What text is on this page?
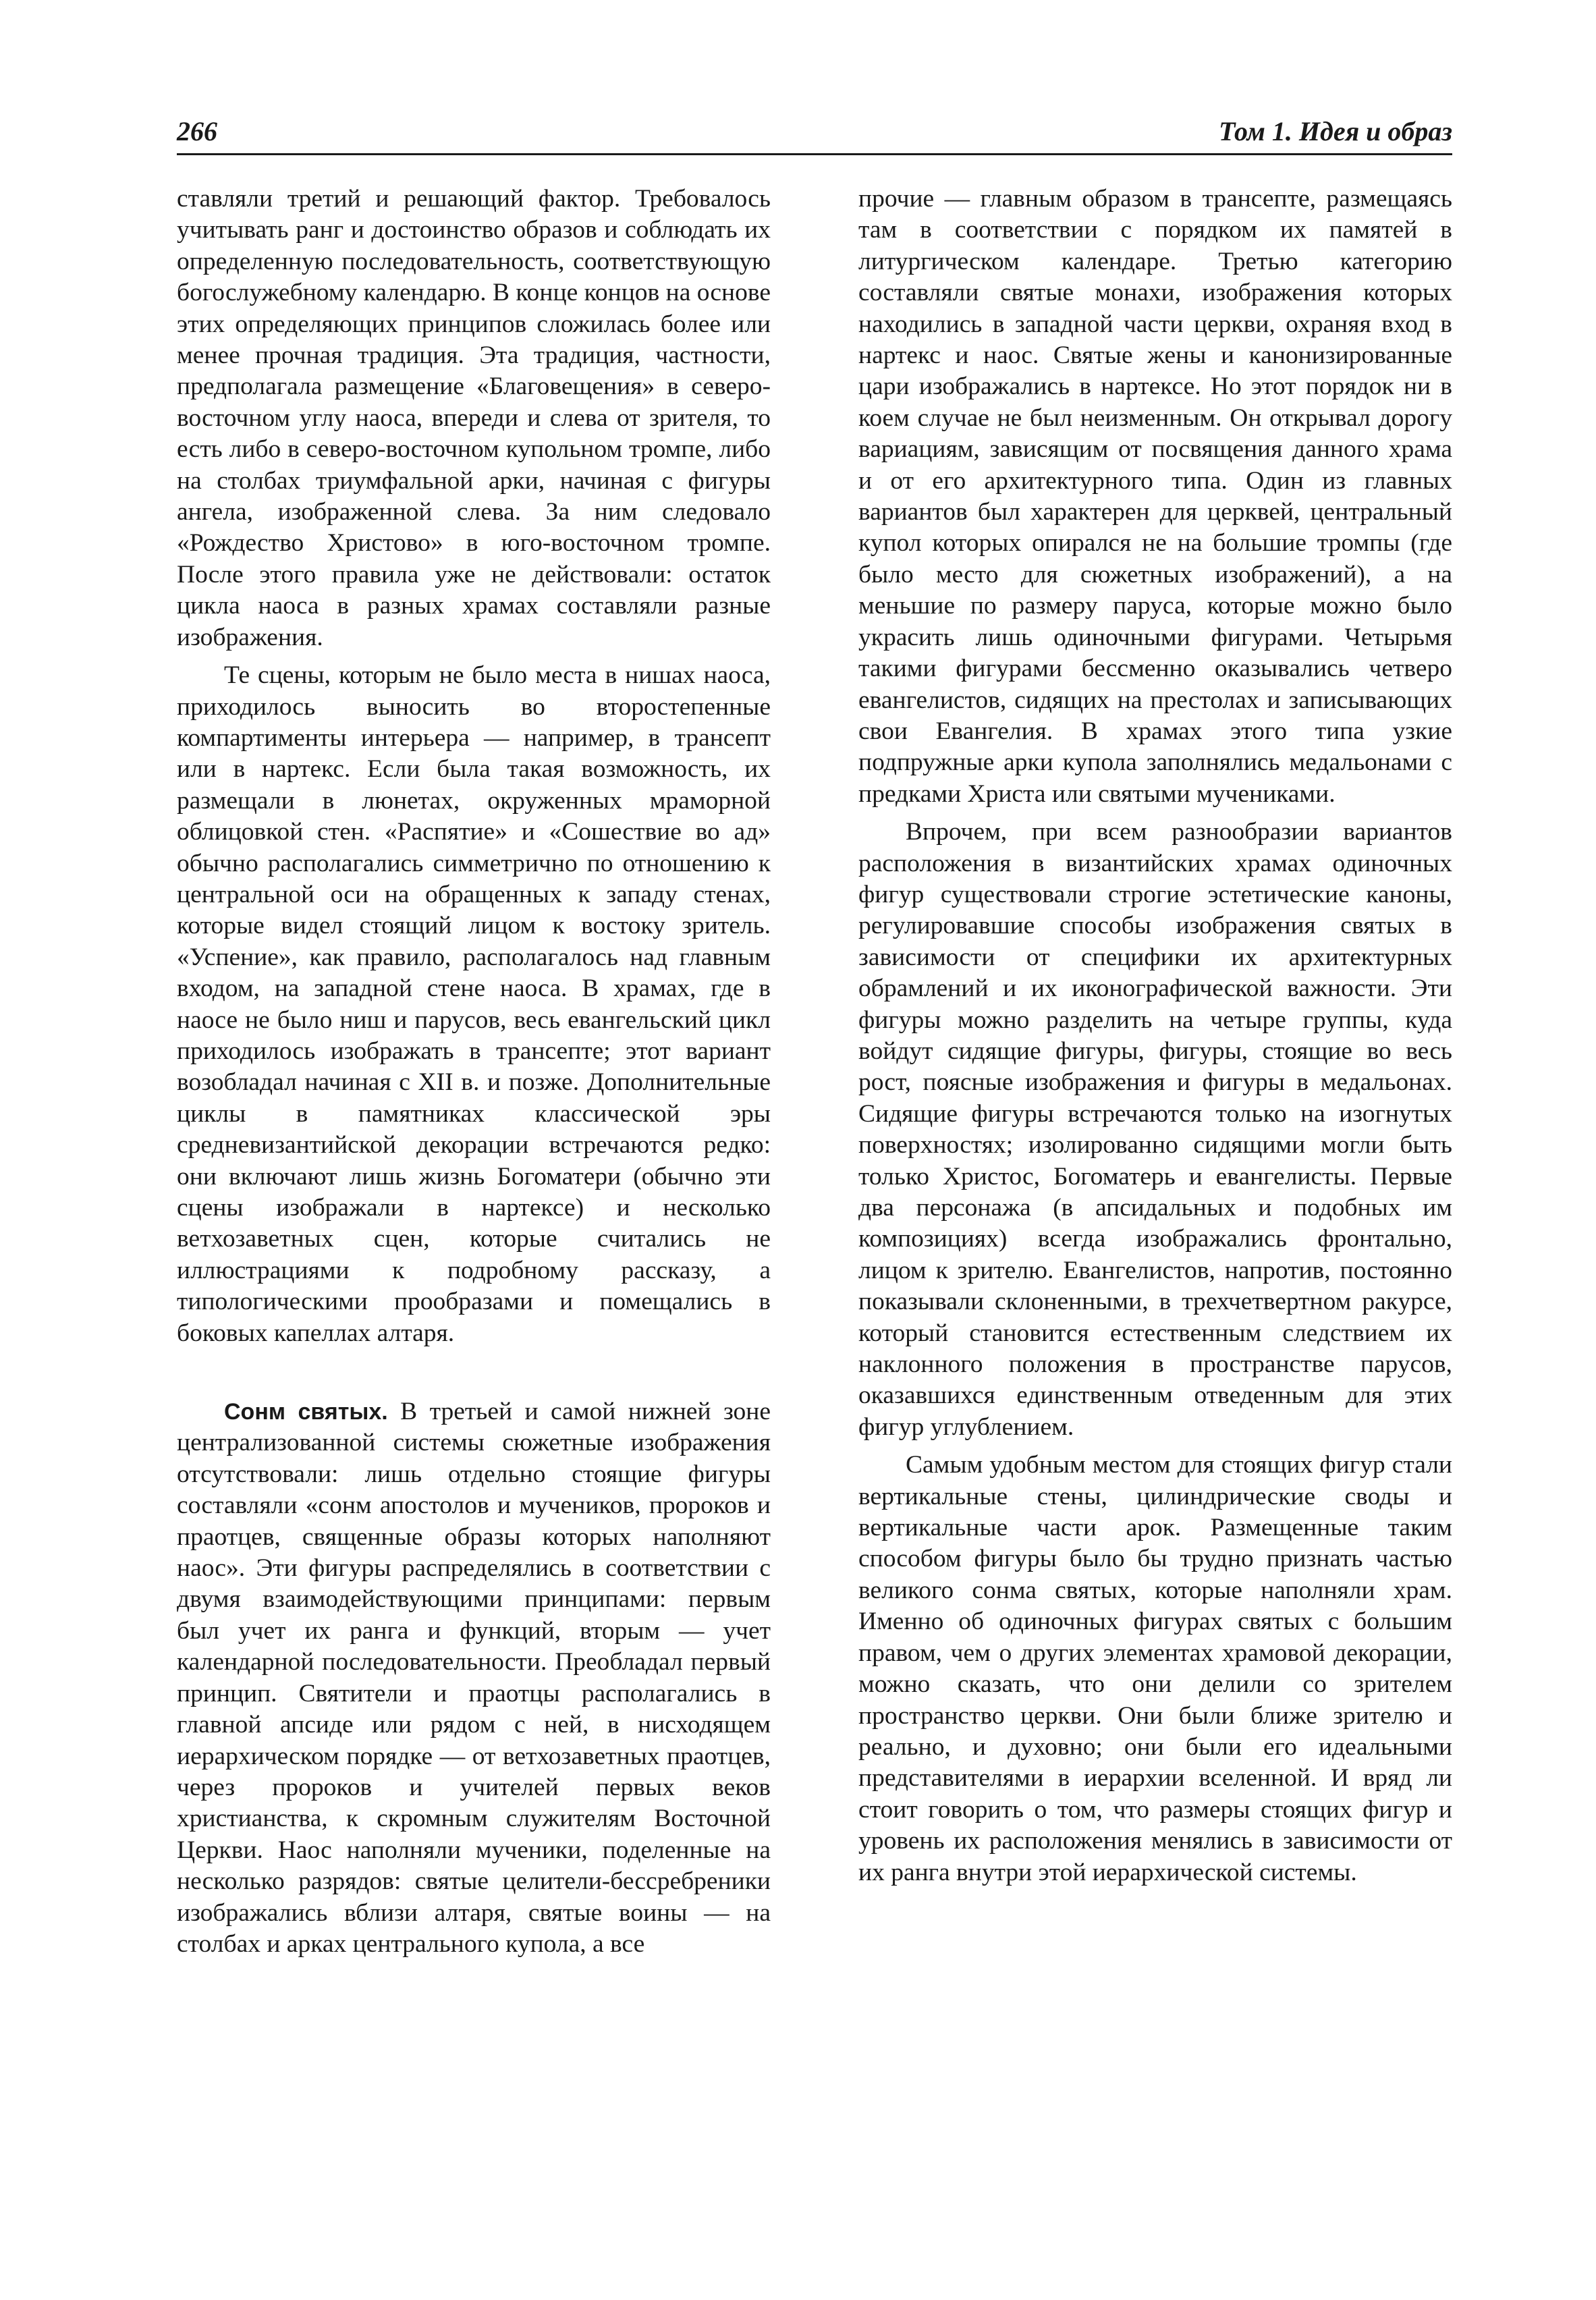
266	Том 1. Идея и образ

ставляли третий и решающий фактор. Требовалось учитывать ранг и достоинство образов и соблюдать их определенную последовательность, соответствующую богослужебному календарю. В конце концов на основе этих определяющих принципов сложилась более или менее прочная традиция. Эта традиция, частности, предполагала размещение «Благовещения» в северо-восточном углу наоса, впереди и слева от зрителя, то есть либо в северо-восточном купольном тромпе, либо на столбах триумфальной арки, начиная с фигуры ангела, изображенной слева. За ним следовало «Рождество Христово» в юго-восточном тромпе. После этого правила уже не действовали: остаток цикла наоса в разных храмах составляли разные изображения.

Те сцены, которым не было места в нишах наоса, приходилось выносить во второстепенные компартименты интерьера — например, в трансепт или в нартекс. Если была такая возможность, их размещали в люнетах, окруженных мраморной облицовкой стен. «Распятие» и «Сошествие во ад» обычно располагались симметрично по отношению к центральной оси на обращенных к западу стенах, которые видел стоящий лицом к востоку зритель. «Успение», как правило, располагалось над главным входом, на западной стене наоса. В храмах, где в наосе не было ниш и парусов, весь евангельский цикл приходилось изображать в трансепте; этот вариант возобладал начиная с XII в. и позже. Дополнительные циклы в памятниках классической эры средневизантийской декорации встречаются редко: они включают лишь жизнь Богоматери (обычно эти сцены изображали в нартексе) и несколько ветхозаветных сцен, которые считались не иллюстрациями к подробному рассказу, а типологическими прообразами и помещались в боковых капеллах алтаря.

Сонм святых. В третьей и самой нижней зоне централизованной системы сюжетные изображения отсутствовали: лишь отдельно стоящие фигуры составляли «сонм апостолов и мучеников, пророков и праотцев, священные образы которых наполняют наос». Эти фигуры распределялись в соответствии с двумя взаимодействующими принципами: первым был учет их ранга и функций, вторым — учет календарной последовательности. Преобладал первый принцип. Святители и праотцы располагались в главной апсиде или рядом с ней, в нисходящем иерархическом порядке — от ветхозаветных праотцев, через пророков и учителей первых веков христианства, к скромным служителям Восточной Церкви. Наос наполняли мученики, поделенные на несколько разрядов: святые целители-бессребреники изображались вблизи алтаря, святые воины — на столбах и арках центрального купола, а все

прочие — главным образом в трансепте, размещаясь там в соответствии с порядком их памятей в литургическом календаре. Третью категорию составляли святые монахи, изображения которых находились в западной части церкви, охраняя вход в нартекс и наос. Святые жены и канонизированные цари изображались в нартексе. Но этот порядок ни в коем случае не был неизменным. Он открывал дорогу вариациям, зависящим от посвящения данного храма и от его архитектурного типа. Один из главных вариантов был характерен для церквей, центральный купол которых опирался не на большие тромпы (где было место для сюжетных изображений), а на меньшие по размеру паруса, которые можно было украсить лишь одиночными фигурами. Четырьмя такими фигурами бессменно оказывались четверо евангелистов, сидящих на престолах и записывающих свои Евангелия. В храмах этого типа узкие подпружные арки купола заполнялись медальонами с предками Христа или святыми мучениками.

Впрочем, при всем разнообразии вариантов расположения в византийских храмах одиночных фигур существовали строгие эстетические каноны, регулировавшие способы изображения святых в зависимости от специфики их архитектурных обрамлений и их иконографической важности. Эти фигуры можно разделить на четыре группы, куда войдут сидящие фигуры, фигуры, стоящие во весь рост, поясные изображения и фигуры в медальонах. Сидящие фигуры встречаются только на изогнутых поверхностях; изолированно сидящими могли быть только Христос, Богоматерь и евангелисты. Первые два персонажа (в апсидальных и подобных им композициях) всегда изображались фронтально, лицом к зрителю. Евангелистов, напротив, постоянно показывали склоненными, в трехчетвертном ракурсе, который становится естественным следствием их наклонного положения в пространстве парусов, оказавшихся единственным отведенным для этих фигур углублением.

Самым удобным местом для стоящих фигур стали вертикальные стены, цилиндрические своды и вертикальные части арок. Размещенные таким способом фигуры было бы трудно признать частью великого сонма святых, которые наполняли храм. Именно об одиночных фигурах святых с большим правом, чем о других элементах храмовой декорации, можно сказать, что они делили со зрителем пространство церкви. Они были ближе зрителю и реально, и духовно; они были его идеальными представителями в иерархии вселенной. И вряд ли стоит говорить о том, что размеры стоящих фигур и уровень их расположения менялись в зависимости от их ранга внутри этой иерархической системы.
